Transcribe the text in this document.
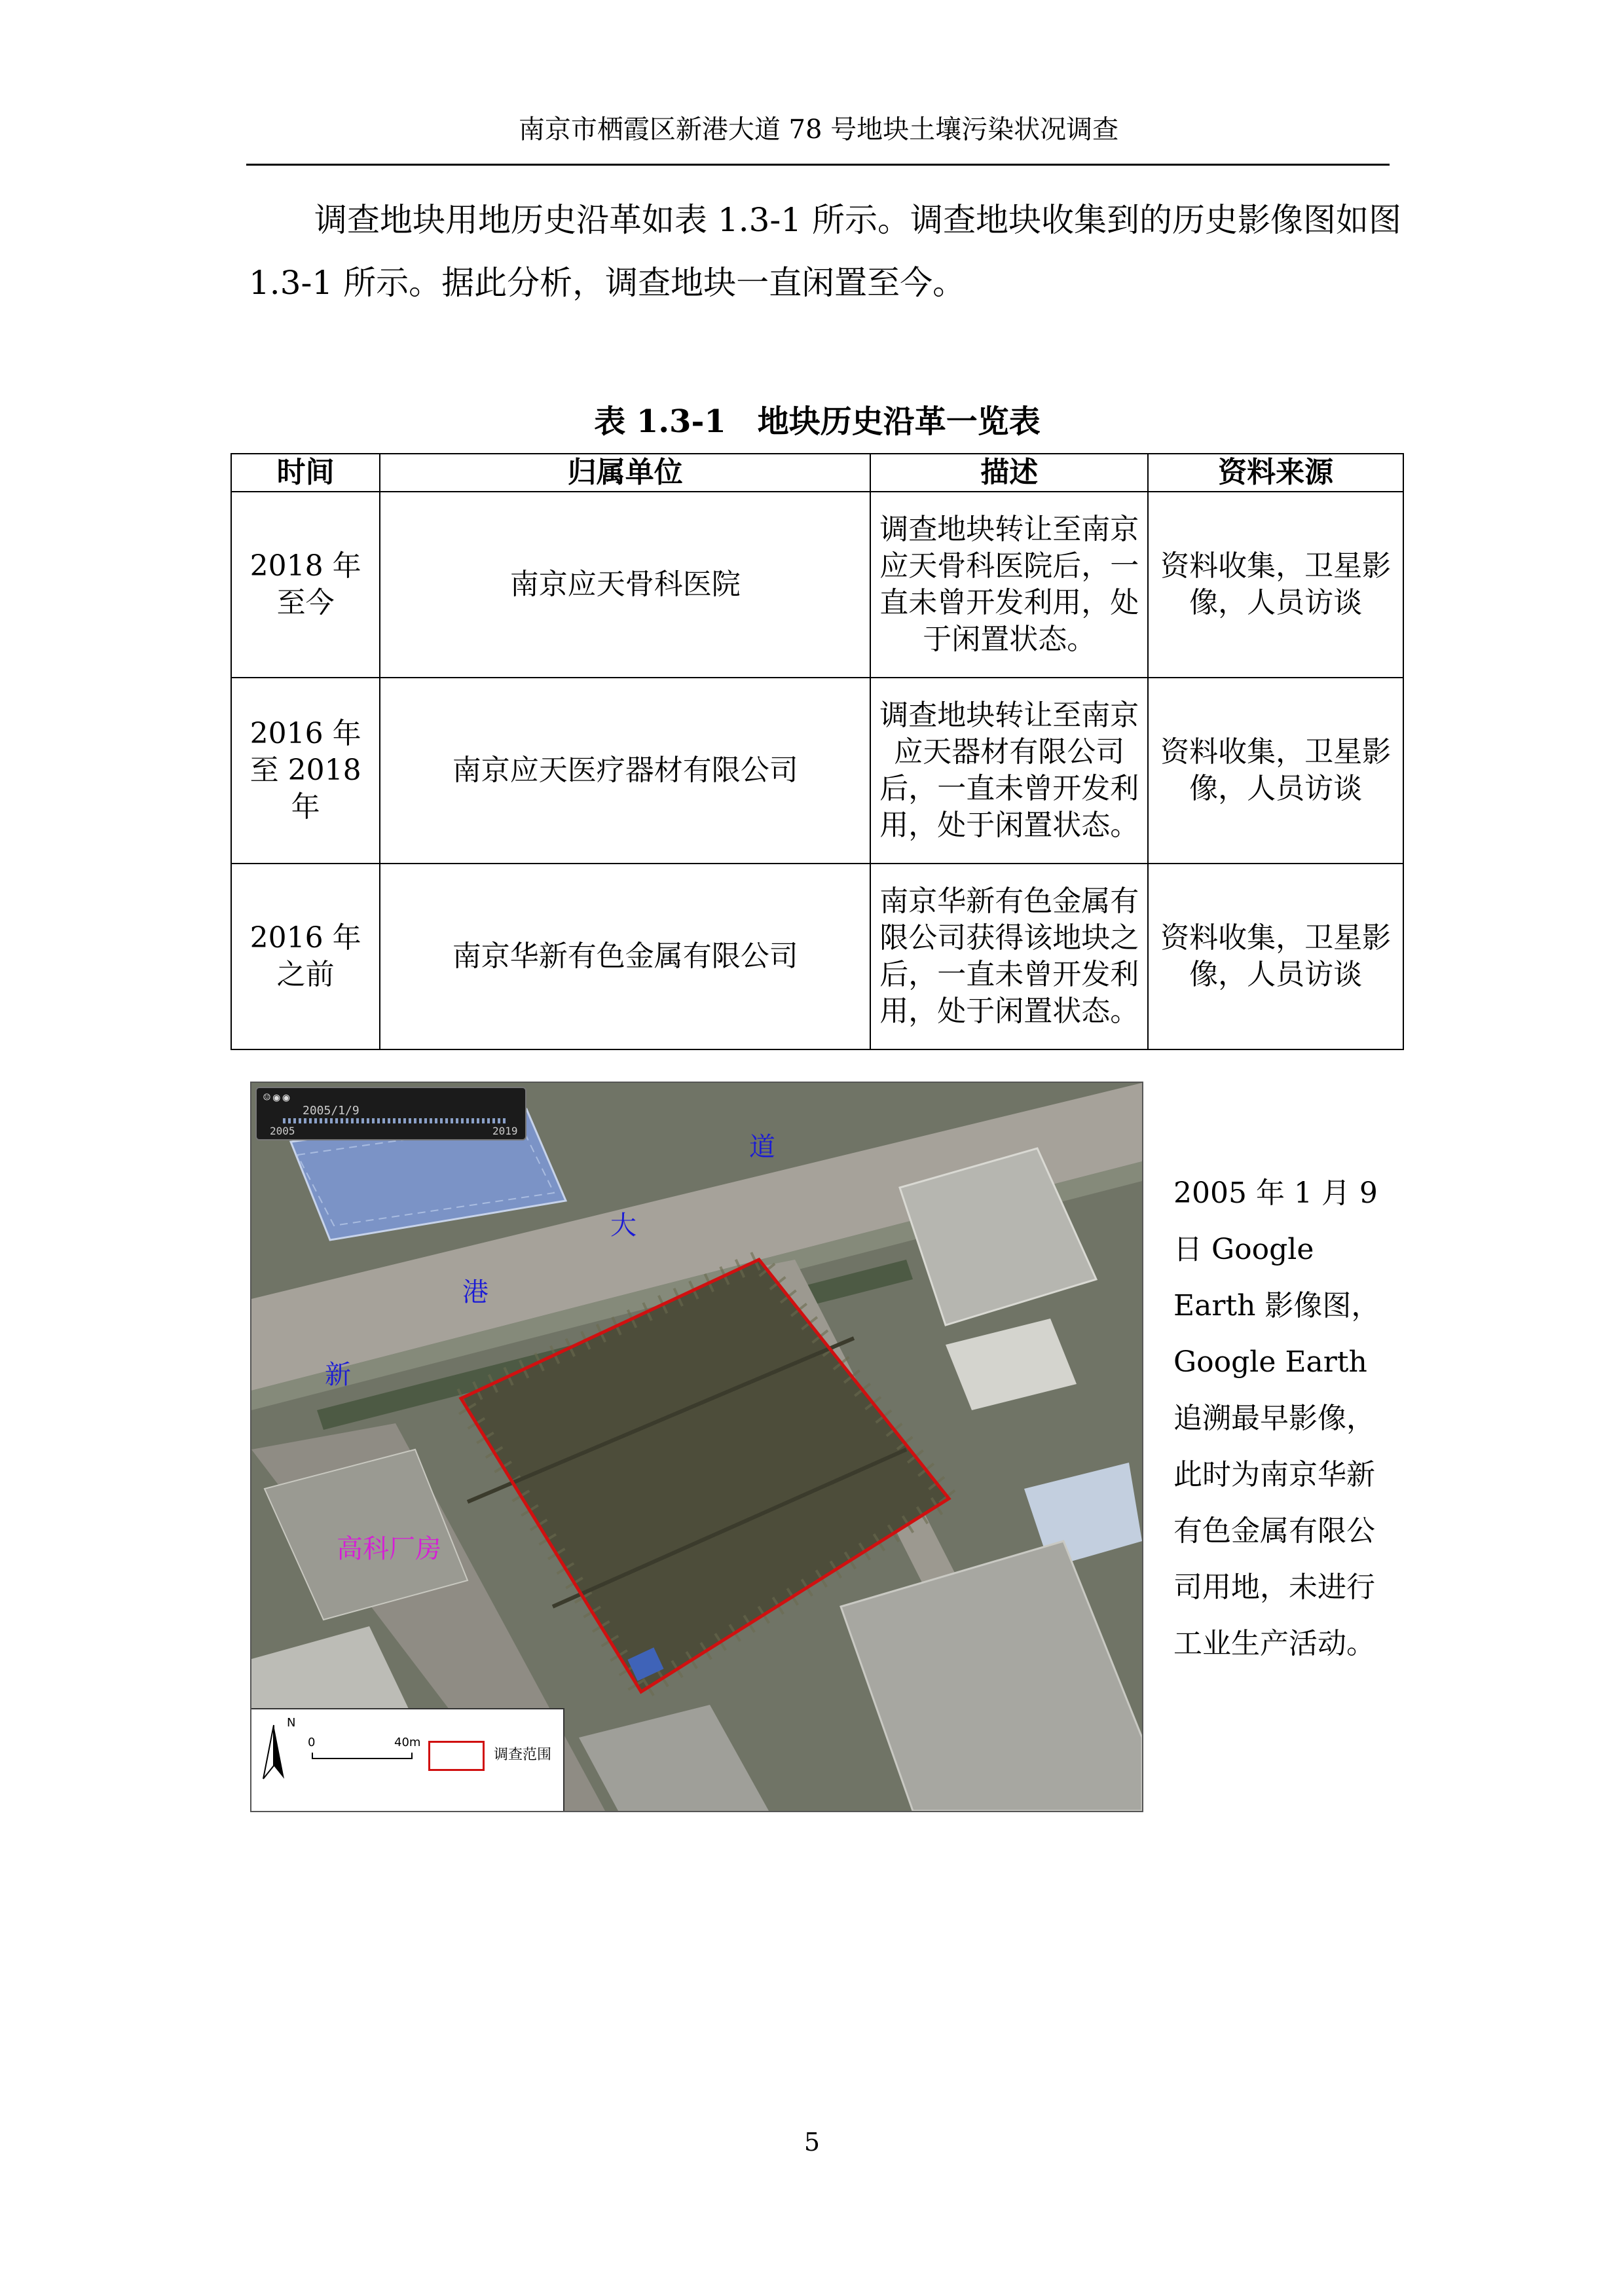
南京市栖霞区新港大道 78 号地块土壤污染状况调查

调查地块用地历史沿革如表 1.3-1 所示。调查地块收集到的历史影像图如图 1.3-1 所示。据此分析，调查地块一直闲置至今。

表 1.3-1　地块历史沿革一览表
时间	归属单位	描述	资料来源
2018 年至今	南京应天骨科医院	调查地块转让至南京应天骨科医院后，一直未曾开发利用，处于闲置状态。	资料收集，卫星影像，人员访谈
2016 年至 2018 年	南京应天医疗器材有限公司	调查地块转让至南京应天器材有限公司后，一直未曾开发利用，处于闲置状态。	资料收集，卫星影像，人员访谈
2016 年之前	南京华新有色金属有限公司	南京华新有色金属有限公司获得该地块之后，一直未曾开发利用，处于闲置状态。	资料收集，卫星影像，人员访谈
☺◉◉
2005/1/9
2005	2019
新
港
大
道
高科厂房
N
0	40m
调查范围
2005 年 1 月 9 日 Google Earth 影像图，Google Earth 追溯最早影像，此时为南京华新有色金属有限公司用地，未进行工业生产活动。
5
